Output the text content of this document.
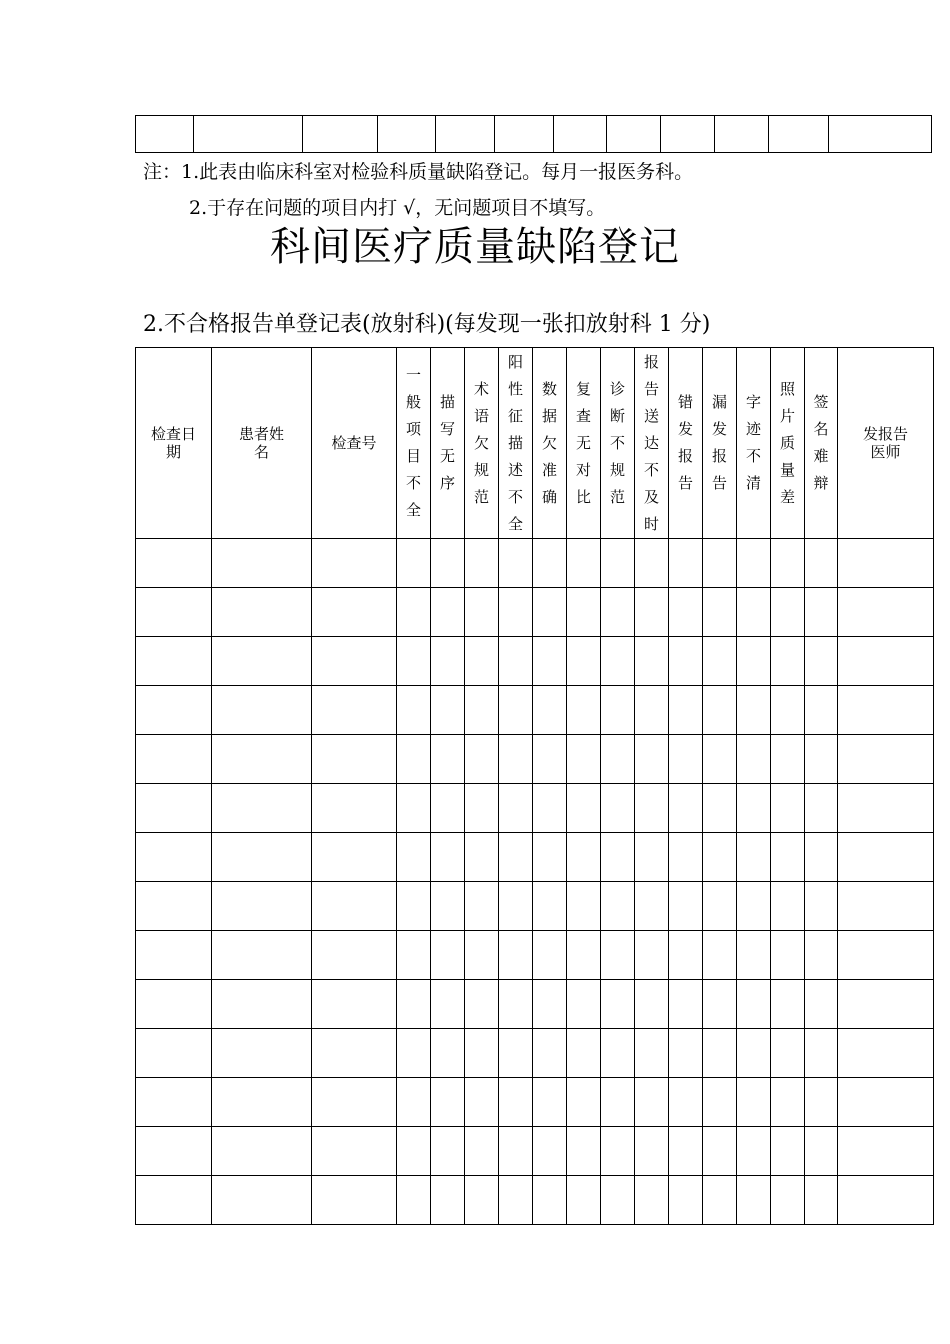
注：1.此表由临床科室对检验科质量缺陷登记。每月一报医务科。
2.于存在问题的项目内打 √，无问题项目不填写。
科间医疗质量缺陷登记
2.不合格报告单登记表(放射科)(每发现一张扣放射科 1 分)
检查日期	患者姓名	检查号	一般项目不全	描写无序	术语欠规范	阳性征描述不全	数据欠准确	复查无对比	诊断不规范	报告送达不及时	错发报告	漏发报告	字迹不清	照片质量差	签名难辩	发报告医师
